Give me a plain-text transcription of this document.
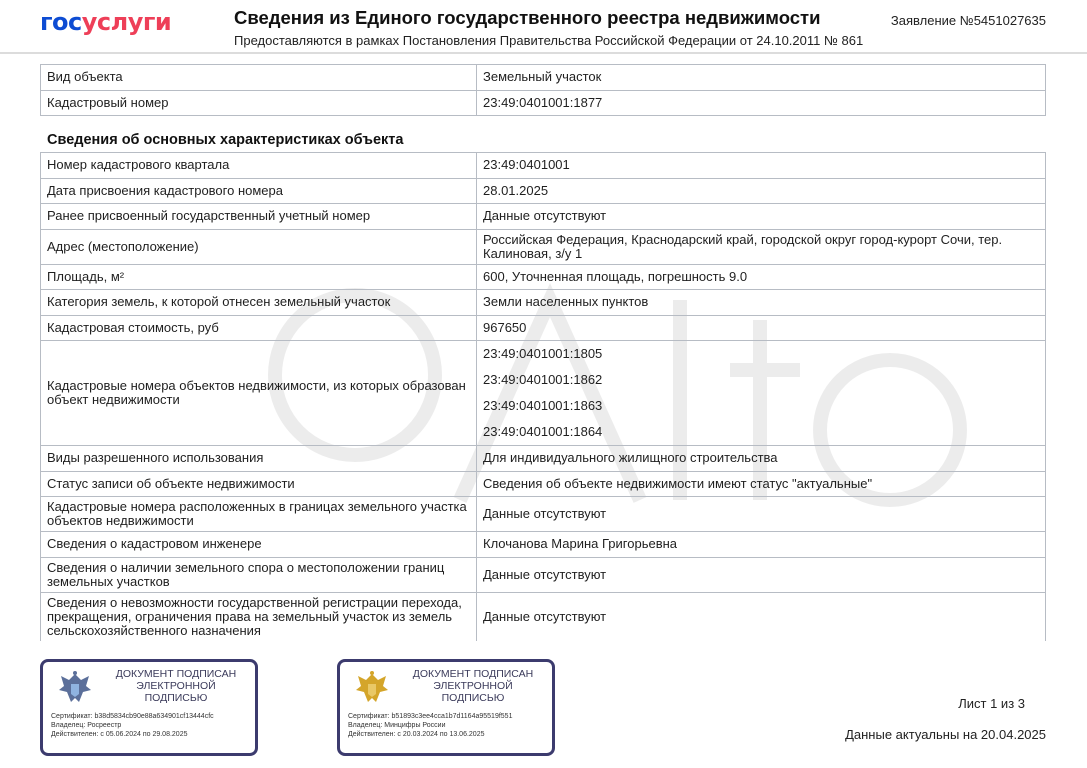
госуслуги	Сведения из Единого государственного реестра недвижимости
Предоставляются в рамках Постановления Правительства Российской Федерации от 24.10.2011 № 861
Заявление №5451027635
Вид объекта	Земельный участок
Кадастровый номер	23:49:0401001:1877
Сведения об основных характеристиках объекта
Номер кадастрового квартала	23:49:0401001
Дата присвоения кадастрового номера	28.01.2025
Ранее присвоенный государственный учетный номер	Данные отсутствуют
Адрес (местоположение)	Российская Федерация, Краснодарский край, городской округ город-курорт Сочи, тер. Калиновая, з/у 1
Площадь, м²	600, Уточненная площадь, погрешность 9.0
Категория земель, к которой отнесен земельный участок	Земли населенных пунктов
Кадастровая стоимость, руб	967650
Кадастровые номера объектов недвижимости, из которых образован объект недвижимости	23:49:0401001:1805
23:49:0401001:1862
23:49:0401001:1863
23:49:0401001:1864

Виды разрешенного использования	Для индивидуального жилищного строительства
Статус записи об объекте недвижимости	Сведения об объекте недвижимости имеют статус "актуальные"
Кадастровые номера расположенных в границах земельного участка объектов недвижимости	Данные отсутствуют
Сведения о кадастровом инженере	Клочанова Марина Григорьевна
Сведения о наличии земельного спора о местоположении границ земельных участков	Данные отсутствуют
Сведения о невозможности государственной регистрации перехода, прекращения, ограничения права на земельный участок из земель сельскохозяйственного назначения	Данные отсутствуют
ДОКУМЕНТ ПОДПИСАН
ЭЛЕКТРОННОЙ
ПОДПИСЬЮ
Сертификат: b38d5834cb90e88a634901cf13444cfc
Владелец: Росреестр
Действителен: с 05.06.2024 по 29.08.2025
ДОКУМЕНТ ПОДПИСАН
ЭЛЕКТРОННОЙ
ПОДПИСЬЮ
Сертификат: b51893c3ee4cca1b7d1164a95519f551
Владелец: Минцифры России
Действителен: с 20.03.2024 по 13.06.2025
Лист 1 из 3
Данные актуальны на 20.04.2025
